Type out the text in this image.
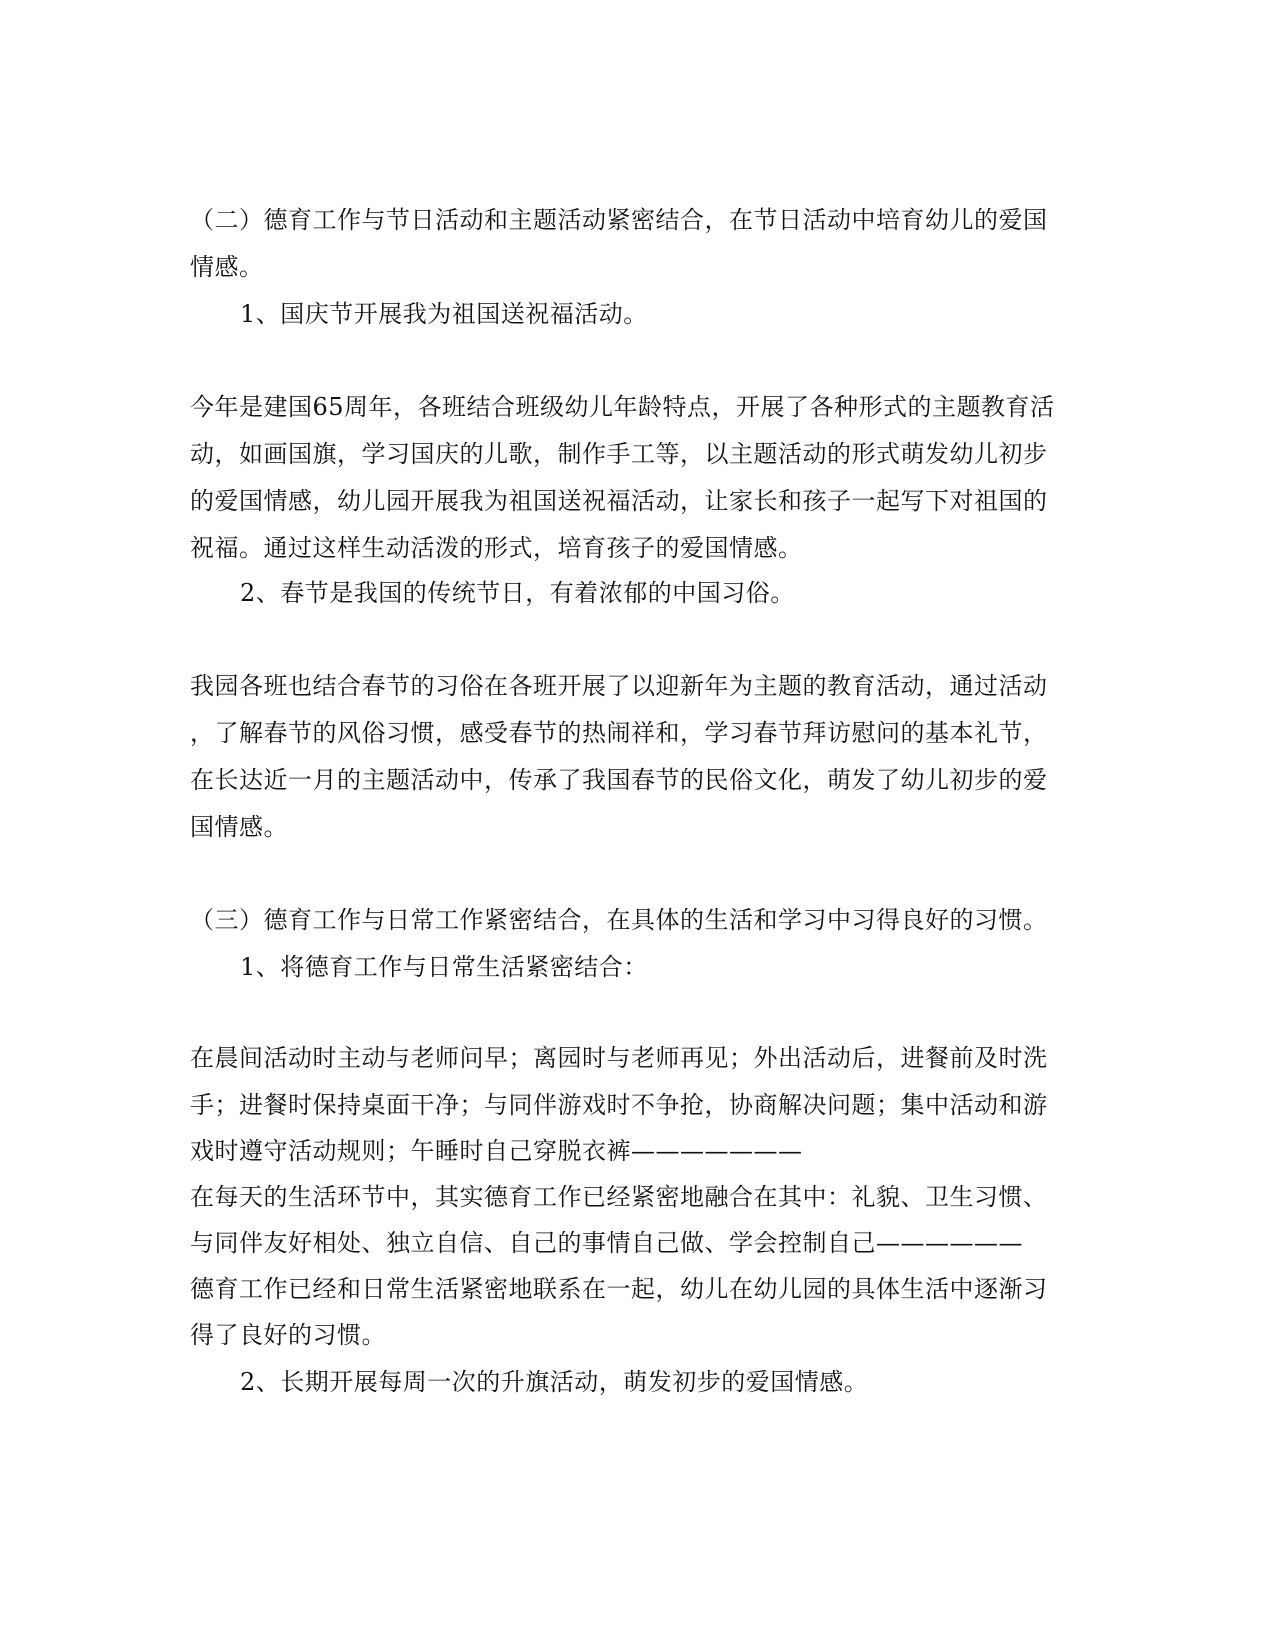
（二）德育工作与节日活动和主题活动紧密结合，在节日活动中培育幼儿的爱国
情感。
1、国庆节开展我为祖国送祝福活动。
今年是建国65周年，各班结合班级幼儿年龄特点，开展了各种形式的主题教育活
动，如画国旗，学习国庆的儿歌，制作手工等，以主题活动的形式萌发幼儿初步
的爱国情感，幼儿园开展我为祖国送祝福活动，让家长和孩子一起写下对祖国的
祝福。通过这样生动活泼的形式，培育孩子的爱国情感。
2、春节是我国的传统节日，有着浓郁的中国习俗。
我园各班也结合春节的习俗在各班开展了以迎新年为主题的教育活动，通过活动
，了解春节的风俗习惯，感受春节的热闹祥和，学习春节拜访慰问的基本礼节，
在长达近一月的主题活动中，传承了我国春节的民俗文化，萌发了幼儿初步的爱
国情感。
（三）德育工作与日常工作紧密结合，在具体的生活和学习中习得良好的习惯。
1、将德育工作与日常生活紧密结合：
在晨间活动时主动与老师问早；离园时与老师再见；外出活动后，进餐前及时洗
手；进餐时保持桌面干净；与同伴游戏时不争抢，协商解决问题；集中活动和游
戏时遵守活动规则；午睡时自己穿脱衣裤———————
在每天的生活环节中，其实德育工作已经紧密地融合在其中：礼貌、卫生习惯、
与同伴友好相处、独立自信、自己的事情自己做、学会控制自己——————
德育工作已经和日常生活紧密地联系在一起，幼儿在幼儿园的具体生活中逐渐习
得了良好的习惯。
2、长期开展每周一次的升旗活动，萌发初步的爱国情感。
